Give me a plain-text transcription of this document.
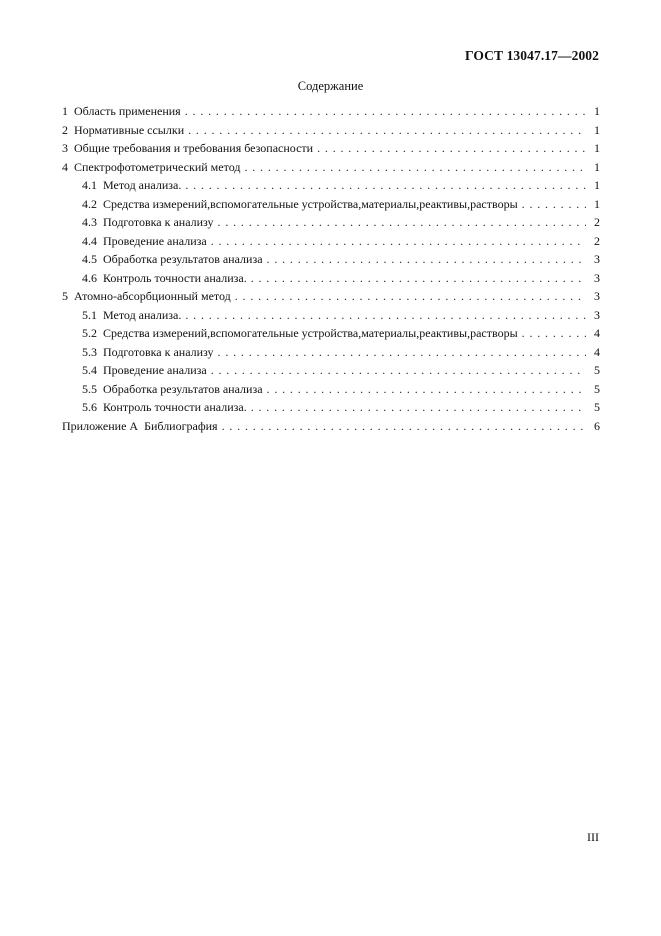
ГОСТ 13047.17—2002
Содержание
1 Область применения . . .	1
2 Нормативные ссылки . . .	1
3 Общие требования и требования безопасности . . .	1
4 Спектрофотометрический метод . . .	1
4.1 Метод анализа. . . .	1
4.2 Средства измерений,вспомогательные устройства,материалы,реактивы,растворы . . .	1
4.3 Подготовка к анализу . . .	2
4.4 Проведение анализа . . .	2
4.5 Обработка результатов анализа . . .	3
4.6 Контроль точности анализа. . . .	3
5 Атомно-абсорбционный метод . . .	3
5.1 Метод анализа. . . .	3
5.2 Средства измерений,вспомогательные устройства,материалы,реактивы,растворы . . .	4
5.3 Подготовка к анализу . . .	4
5.4 Проведение анализа . . .	5
5.5 Обработка результатов анализа . . .	5
5.6 Контроль точности анализа. . . .	5
Приложение А Библиография . . .	6
III
